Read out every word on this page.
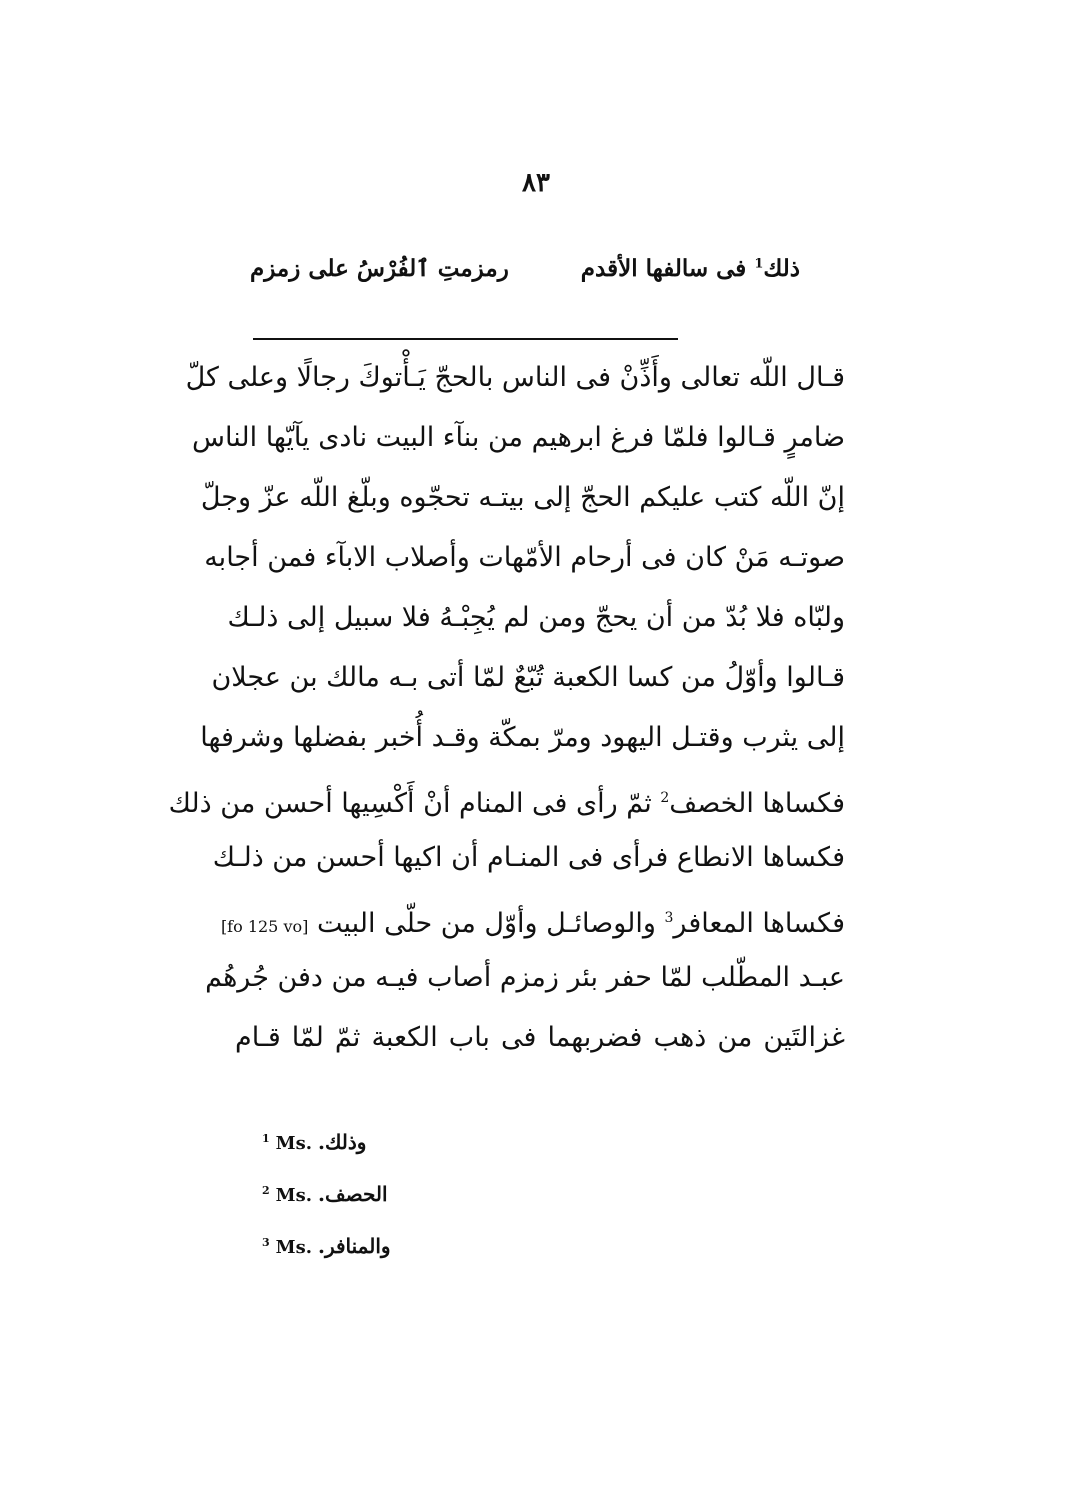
٨٣
ذلك$^1$ فى سالفها الأقدم
رمزمتِ ٱلفُرْسُ على زمزم
قـال اللّه تعالى وأَذِّنْ فى الناس بالحجّ يَـأْتوكَ رجالًا وعلى كلّ
ضامرٍ قـالوا فلمّا فرغ ابرهيم من بنآء البيت نادى يآيّها الناس
إنّ اللّه كتب عليكم الحجّ إلى بيتـه تحجّوه وبلّغ اللّه عزّ وجلّ
صوتـه مَنْ كان فى أرحام الأمّهات وأصلاب الابآء فمن أجابه
ولبّاه فلا بُدّ من أن يحجّ ومن لم يُجِبْـهُ فلا سبيل إلى ذلـك
قـالوا وأوّلُ من كسا الكعبة تُبّعٌ لمّا أتى بـه مالك بن عجلان
إلى يثرب وقتـل اليهود ومرّ بمكّة وقـد أُخبر بفضلها وشرفها
فكساها الخصف$^2$ ثمّ رأى فى المنام أنْ أَكْسِيها أحسن من ذلك
فكساها الانطاع فرأى فى المنـام أن اكيها أحسن من ذلـك
فكساها المعافر$^3$ والوصائـل وأوّل من حلّى البيت [fo 125 vo]
عبـد المطّلب لمّا حفر بئر زمزم أصاب فيـه من دفن جُرهُم
غزالتَين من ذهب فضربهما فى باب الكعبة ثمّ لمّا قـام
$^1$ Ms. وذلك.
$^2$ Ms. الحصف.
$^3$ Ms. والمنافر.
